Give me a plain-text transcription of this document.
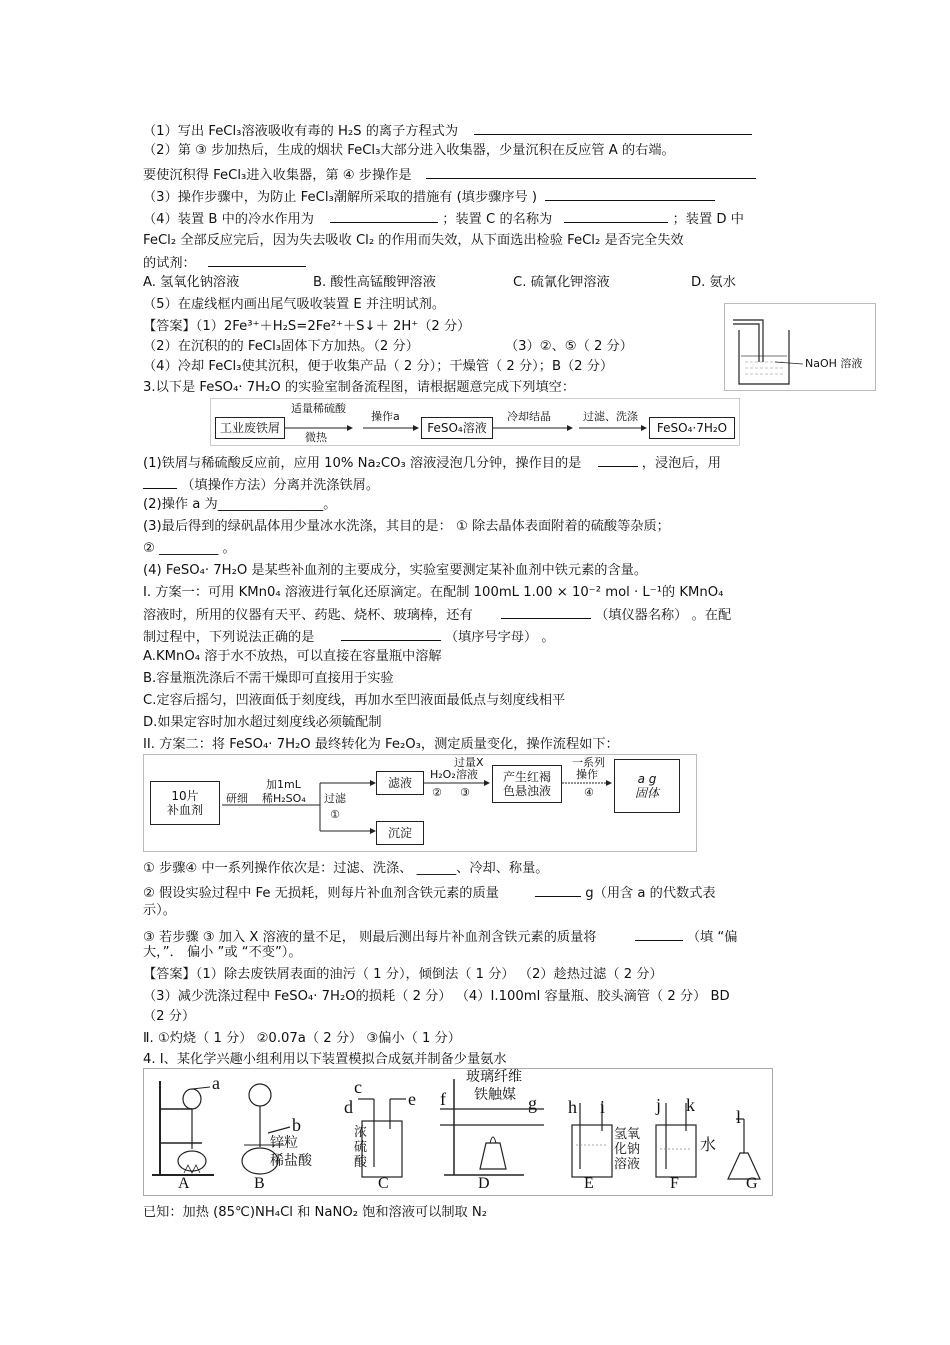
（1）写出 FeCl₃溶液吸收有毒的 H₂S 的离子方程式为
（2）第 ③ 步加热后，生成的烟状 FeCl₃大部分进入收集器，少量沉积在反应管 A 的右端。
要使沉积得 FeCl₃进入收集器，第 ④ 步操作是
（3）操作步骤中，为防止 FeCl₃潮解所采取的措施有 (填步骤序号 )
（4）装置 B 中的冷水作用为	；装置 C 的名称为	；装置 D 中
FeCl₂ 全部反应完后，因为失去吸收 Cl₂ 的作用而失效，从下面选出检验 FeCl₂ 是否完全失效
的试剂：
A. 氢氧化钠溶液	B. 酸性高锰酸钾溶液	C. 硫氰化钾溶液	D. 氨水
（5）在虚线框内画出尾气吸收装置 E 并注明试剂。
【答案】（1）2Fe³⁺＋H₂S=2Fe²⁺＋S↓＋ 2H⁺（2 分）
（2）在沉积的的 FeCl₃固体下方加热。（2 分）	（3）②、⑤（ 2 分）
（4）冷却 FeCl₃使其沉积，便于收集产品（ 2 分）；干燥管（ 2 分）；B（2 分）	NaOH 溶液
3.以下是 FeSO₄· 7H₂O 的实验室制备流程图，请根据题意完成下列填空：
工业废铁屑
适量稀硫酸
微热
操作a
FeSO₄溶液
冷却结晶	过滤、洗涤
FeSO₄·7H₂O
(1)铁屑与稀硫酸反应前，应用 10% Na₂CO₃ 溶液浸泡几分钟，操作目的是	，浸泡后，用
（填操作方法）分离并洗涤铁屑。
(2)操作 a 为________________。
(3)最后得到的绿矾晶体用少量冰水洗涤，其目的是： ① 除去晶体表面附着的硫酸等杂质；
② _________ 。
(4) FeSO₄· 7H₂O 是某些补血剂的主要成分，实验室要测定某补血剂中铁元素的含量。
I. 方案一：可用 KMn0₄ 溶液进行氧化还原滴定。在配制 100mL 1.00 × 10⁻² mol · L⁻¹的 KMnO₄
溶液时，所用的仪器有天平、药匙、烧杯、玻璃棒，还有	（填仪器名称） 。在配
制过程中，下列说法正确的是	（填序号字母） 。
A.KMnO₄ 溶于水不放热，可以直接在容量瓶中溶解
B.容量瓶洗涤后不需干燥即可直接用于实验
C.定容后摇匀，凹液面低于刻度线，再加水至凹液面最低点与刻度线相平
D.如果定容时加水超过刻度线必须毓配制
II. 方案二：将 FeSO₄· 7H₂O 最终转化为 Fe₂O₃，测定质量变化，操作流程如下：
10片
补血剂
研细
加1mL
稀H₂SO₄ 过滤
①
滤液
沉淀
H₂O₂
②
过量X
溶液
③
产生红褐
色悬浊液
一系列
操作
④
a g
固体
① 步骤④ 中一系列操作依次是：过滤、洗涤、 ______、冷却、称量。
② 假设实验过程中 Fe 无损耗，则每片补血剂含铁元素的质量	g（用含 a 的代数式表
示）。
③ 若步骤 ③ 加入 X 溶液的量不足， 则最后测出每片补血剂含铁元素的质量将	（填 “偏
大，”． 偏小 ”或 “不变”）。
【答案】（1）除去废铁屑表面的油污（ 1 分），倾倒法（ 1 分） （2）趁热过滤（ 2 分）
（3）减少洗涤过程中 FeSO₄· 7H₂O的损耗（ 2 分） （4）I.100ml 容量瓶、胶头滴管（ 2 分） BD
（2 分）
Ⅱ. ①灼烧（ 1 分） ②0.07a（ 2 分） ③偏小（ 1 分）
4. I、某化学兴趣小组利用以下装置模拟合成氨并制备少量氨水
A	B	C	D	E	F	G
a
b
c
d	e f	g h i	j k
l
锌粒
稀盐酸
浓
硫
酸
玻璃纤维
铁触媒
氢氧
化钠
溶液
水
已知：加热 (85℃)NH₄Cl 和 NaNO₂ 饱和溶液可以制取 N₂
